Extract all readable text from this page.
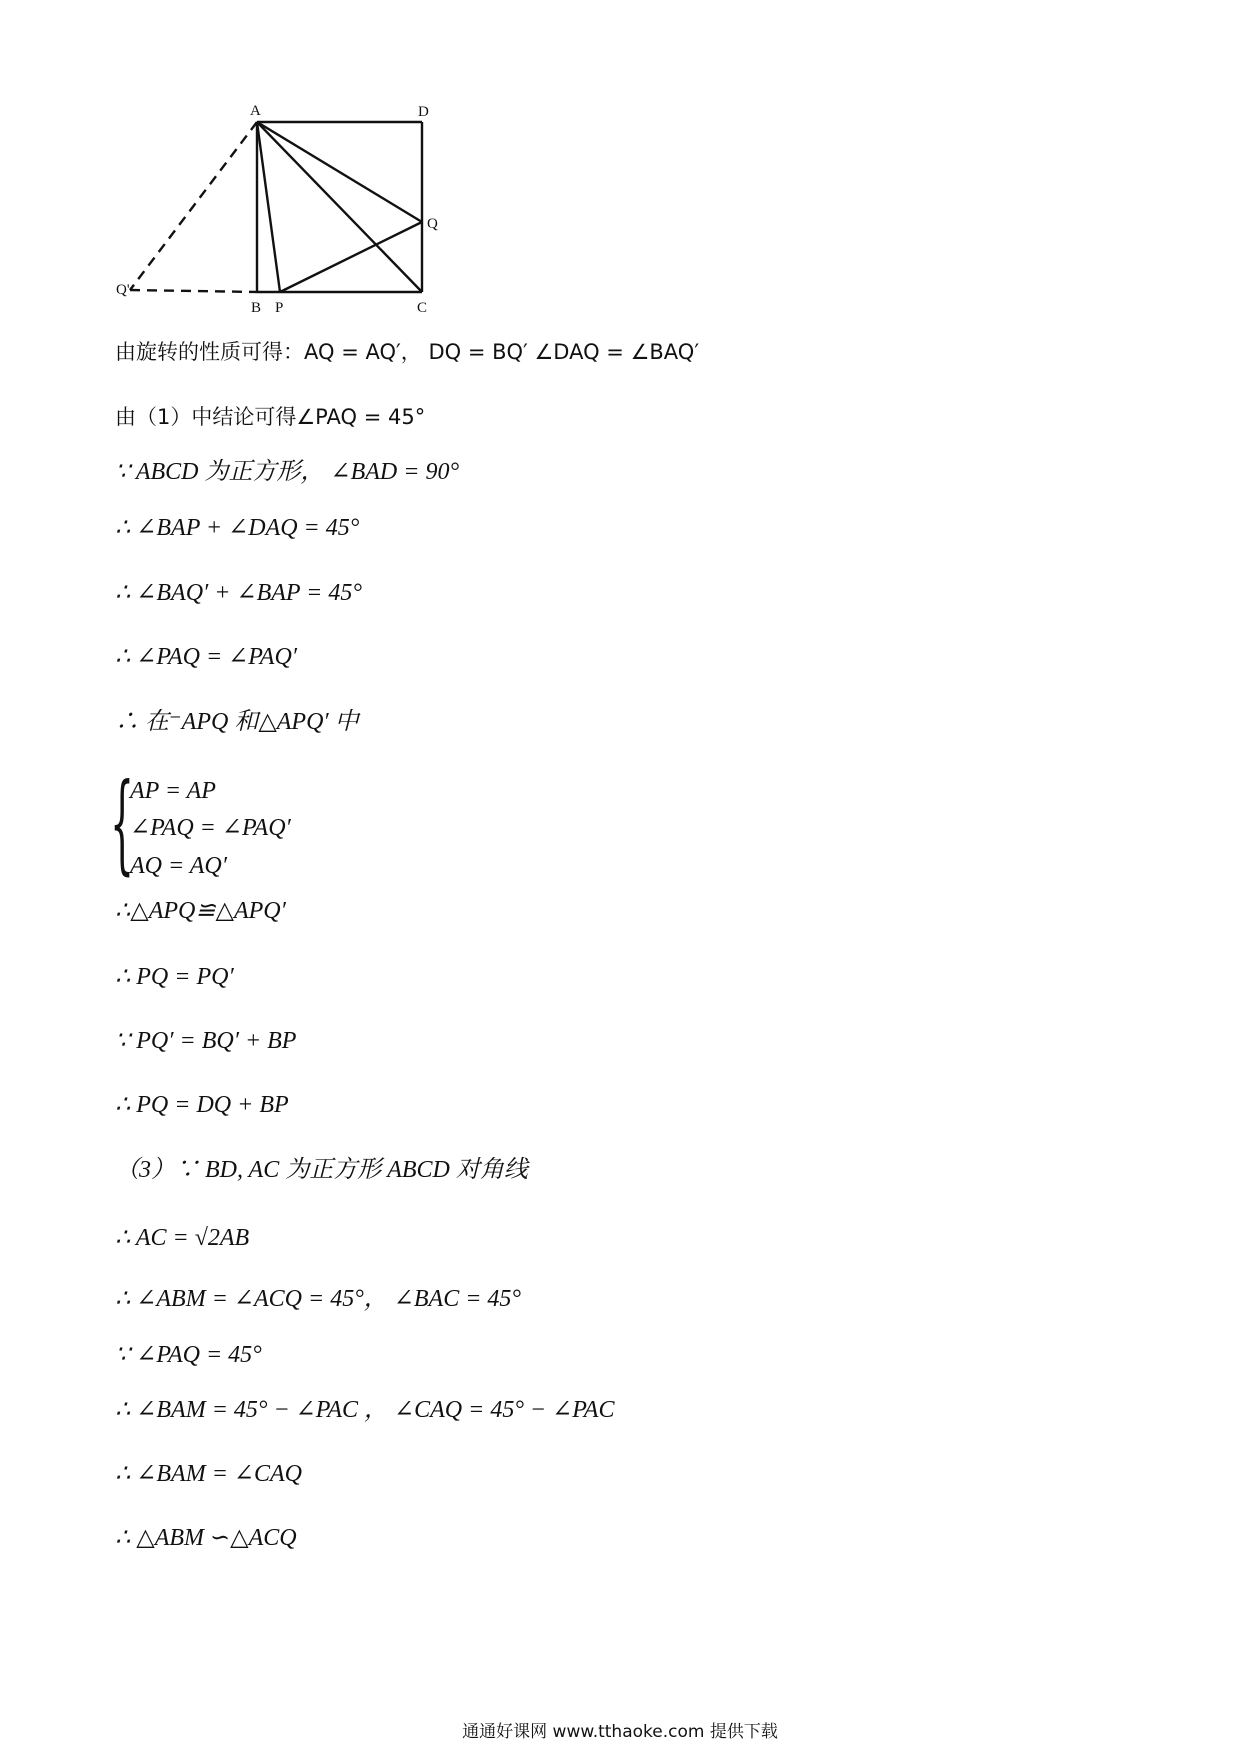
A	D
Q
Q'
B P	C
由旋转的性质可得：AQ = AQ′， DQ = BQ′ ∠DAQ = ∠BAQ′
由（1）中结论可得∠PAQ = 45°
∵ ABCD 为正方形， ∠BAD = 90°
∴ ∠BAP + ∠DAQ = 45°
∴ ∠BAQ′ + ∠BAP = 45°
∴ ∠PAQ = ∠PAQ′
∴ 在⁻APQ 和△APQ′ 中
{
AP = AP
∠PAQ = ∠PAQ′
AQ = AQ′
∴△APQ≌△APQ′
∴ PQ = PQ′
∵ PQ′ = BQ′ + BP
∴ PQ = DQ + BP
（3）∵ BD, AC 为正方形 ABCD 对角线
∴ AC = √2AB
∴ ∠ABM = ∠ACQ = 45°， ∠BAC = 45°
∵ ∠PAQ = 45°
∴ ∠BAM = 45° − ∠PAC ， ∠CAQ = 45° − ∠PAC
∴ ∠BAM = ∠CAQ
∴ △ABM ∽△ACQ
通通好课网 www.tthaoke.com 提供下载
